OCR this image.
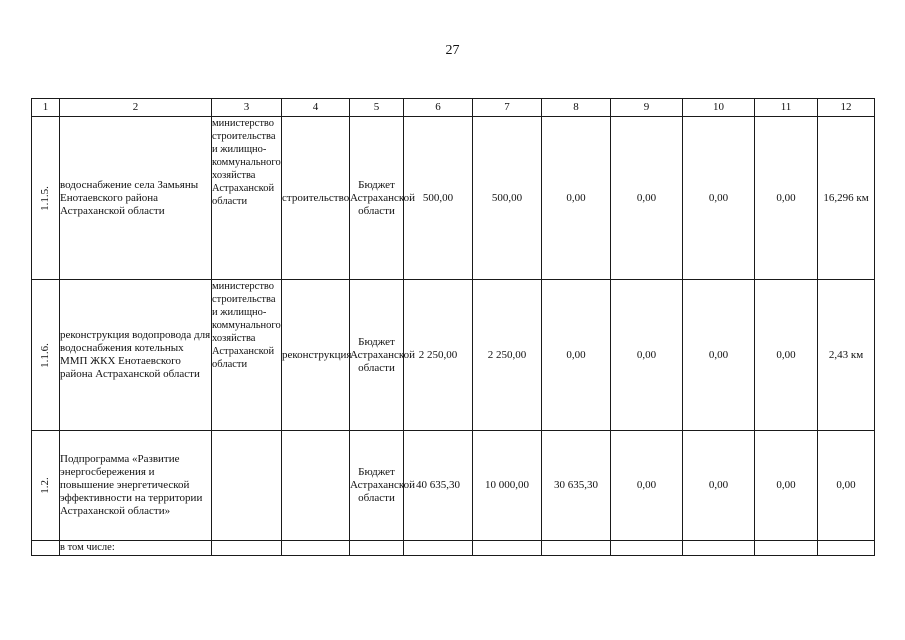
27
1	2	3	4	5	6	7	8	9	10	11	12
1.1.5.	водоснабжение села Замьяны Енотаевского района Астраханской области	министерство строительства и жилищно-коммунального хозяйства Астраханской области	строительство	Бюджет Астраханской области	500,00	500,00	0,00	0,00	0,00	0,00	16,296 км
1.1.6.	реконструкция водопровода для водоснабжения котельных ММП ЖКХ Енотаевского района Астраханской области	министерство строительства и жилищно-коммунального хозяйства Астраханской области	реконструкция	Бюджет Астраханской области	2 250,00	2 250,00	0,00	0,00	0,00	0,00	2,43 км
1.2.	Подпрограмма «Развитие энергосбережения и повышение энергетической эффективности на территории Астраханской области»			Бюджет Астраханской области	40 635,30	10 000,00	30 635,30	0,00	0,00	0,00	0,00
	в том числе:										
